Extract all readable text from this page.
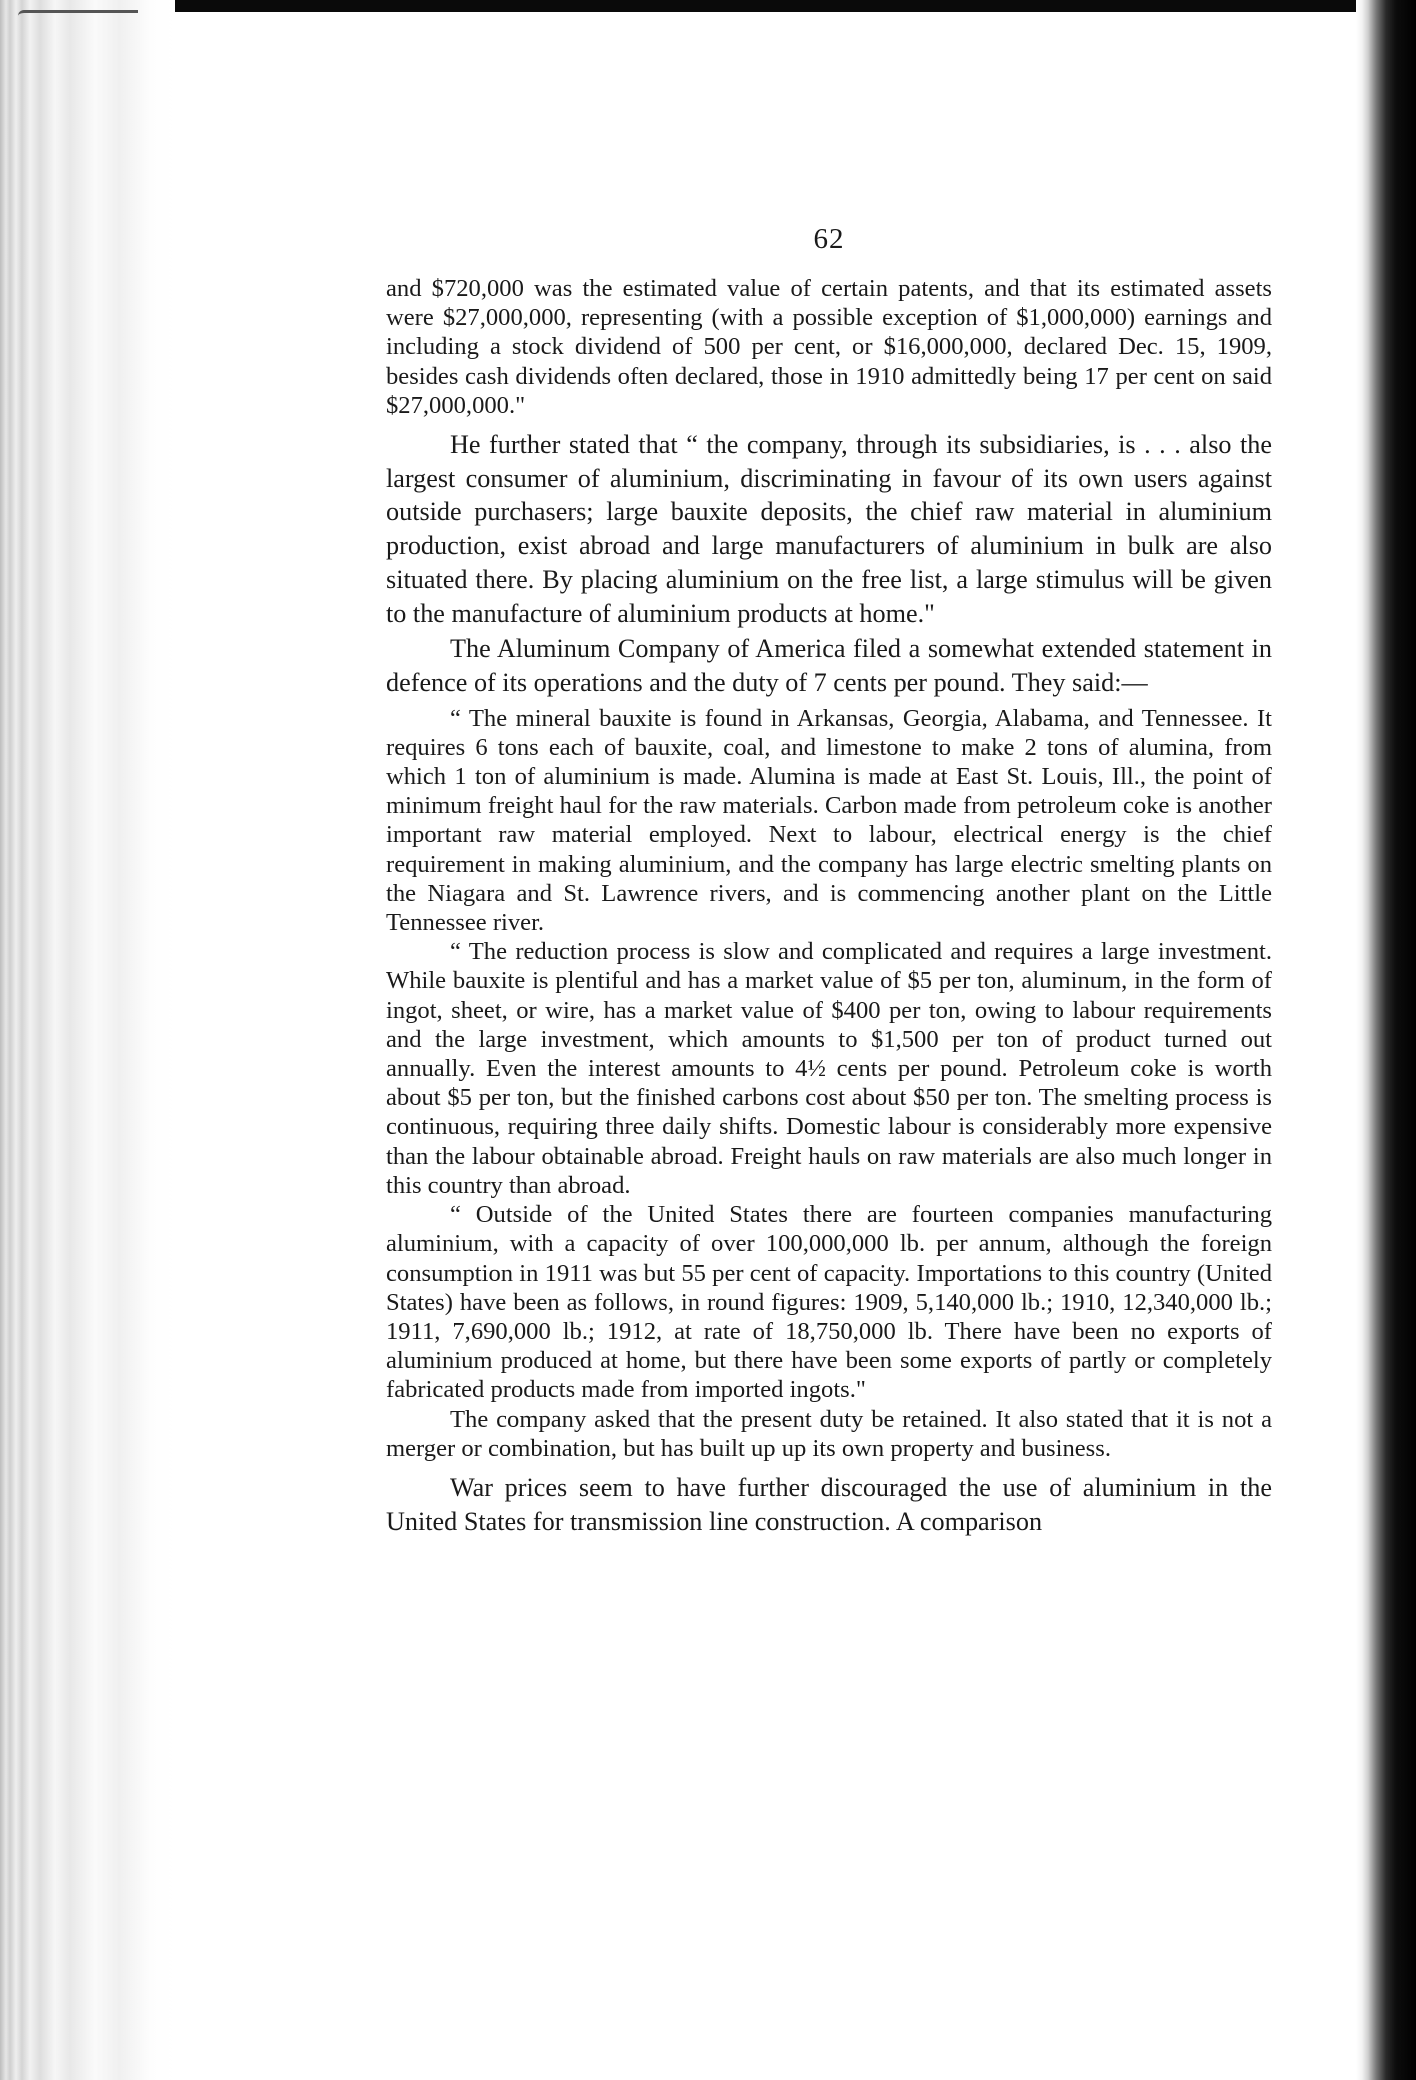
62

and $720,000 was the estimated value of certain patents, and that its estimated assets were $27,000,000, representing (with a possible exception of $1,000,000) earnings and including a stock dividend of 500 per cent, or $16,000,000, declared Dec. 15, 1909, besides cash dividends often declared, those in 1910 admittedly being 17 per cent on said $27,000,000."

He further stated that “ the company, through its subsidiaries, is . . . also the largest consumer of aluminium, discriminating in favour of its own users against outside purchasers; large bauxite deposits, the chief raw material in aluminium production, exist abroad and large manufacturers of aluminium in bulk are also situated there. By placing aluminium on the free list, a large stimulus will be given to the manufacture of aluminium products at home."

The Aluminum Company of America filed a somewhat extended statement in defence of its operations and the duty of 7 cents per pound. They said:—

“ The mineral bauxite is found in Arkansas, Georgia, Alabama, and Tennessee. It requires 6 tons each of bauxite, coal, and limestone to make 2 tons of alumina, from which 1 ton of aluminium is made. Alumina is made at East St. Louis, Ill., the point of minimum freight haul for the raw materials. Carbon made from petroleum coke is another important raw material employed. Next to labour, electrical energy is the chief requirement in making aluminium, and the company has large electric smelting plants on the Niagara and St. Lawrence rivers, and is commencing another plant on the Little Tennessee river.

“ The reduction process is slow and complicated and requires a large investment. While bauxite is plentiful and has a market value of $5 per ton, aluminum, in the form of ingot, sheet, or wire, has a market value of $400 per ton, owing to labour requirements and the large investment, which amounts to $1,500 per ton of product turned out annually. Even the interest amounts to 4½ cents per pound. Petroleum coke is worth about $5 per ton, but the finished carbons cost about $50 per ton. The smelting process is continuous, requiring three daily shifts. Domestic labour is considerably more expensive than the labour obtainable abroad. Freight hauls on raw materials are also much longer in this country than abroad.

“ Outside of the United States there are fourteen companies manufacturing aluminium, with a capacity of over 100,000,000 lb. per annum, although the foreign consumption in 1911 was but 55 per cent of capacity. Importations to this country (United States) have been as follows, in round figures: 1909, 5,140,000 lb.; 1910, 12,340,000 lb.; 1911, 7,690,000 lb.; 1912, at rate of 18,750,000 lb. There have been no exports of aluminium produced at home, but there have been some exports of partly or completely fabricated products made from imported ingots."

The company asked that the present duty be retained. It also stated that it is not a merger or combination, but has built up up its own property and business.

War prices seem to have further discouraged the use of aluminium in the United States for transmission line construction. A comparison
